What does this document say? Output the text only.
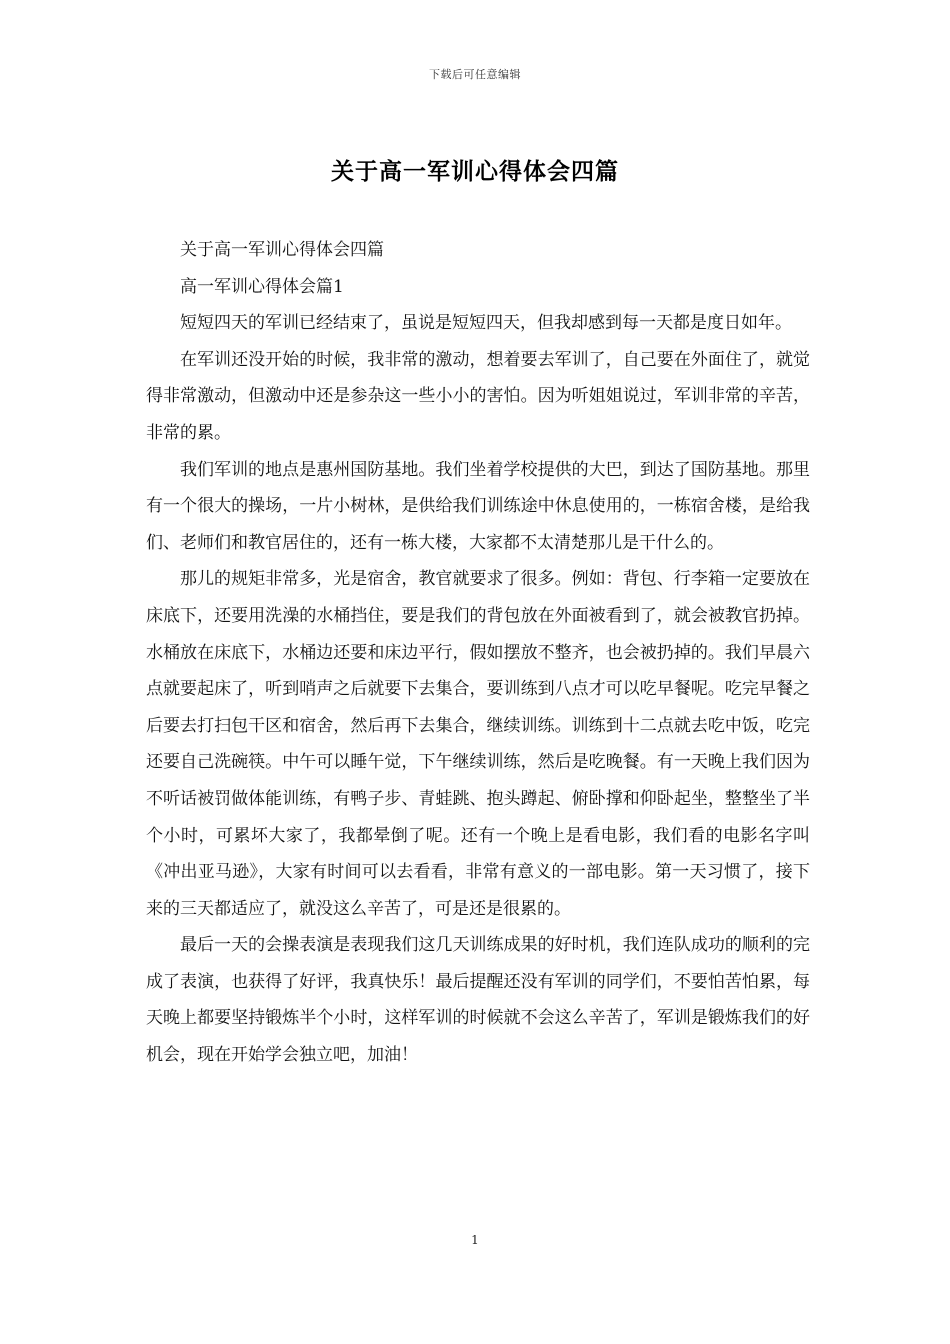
下载后可任意编辑
关于高一军训心得体会四篇

关于高一军训心得体会四篇

高一军训心得体会篇1

短短四天的军训已经结束了，虽说是短短四天，但我却感到每一天都是度日如年。

在军训还没开始的时候，我非常的激动，想着要去军训了，自己要在外面住了，就觉得非常激动，但激动中还是参杂这一些小小的害怕。因为听姐姐说过，军训非常的辛苦，非常的累。

我们军训的地点是惠州国防基地。我们坐着学校提供的大巴，到达了国防基地。那里有一个很大的操场，一片小树林，是供给我们训练途中休息使用的，一栋宿舍楼，是给我们、老师们和教官居住的，还有一栋大楼，大家都不太清楚那儿是干什么的。

那儿的规矩非常多，光是宿舍，教官就要求了很多。例如：背包、行李箱一定要放在床底下，还要用洗澡的水桶挡住，要是我们的背包放在外面被看到了，就会被教官扔掉。水桶放在床底下，水桶边还要和床边平行，假如摆放不整齐，也会被扔掉的。我们早晨六点就要起床了，听到哨声之后就要下去集合，要训练到八点才可以吃早餐呢。吃完早餐之后要去打扫包干区和宿舍，然后再下去集合，继续训练。训练到十二点就去吃中饭，吃完还要自己洗碗筷。中午可以睡午觉，下午继续训练，然后是吃晚餐。有一天晚上我们因为不听话被罚做体能训练，有鸭子步、青蛙跳、抱头蹲起、俯卧撑和仰卧起坐，整整坐了半个小时，可累坏大家了，我都晕倒了呢。还有一个晚上是看电影，我们看的电影名字叫《冲出亚马逊》，大家有时间可以去看看，非常有意义的一部电影。第一天习惯了，接下来的三天都适应了，就没这么辛苦了，可是还是很累的。

最后一天的会操表演是表现我们这几天训练成果的好时机，我们连队成功的顺利的完成了表演，也获得了好评，我真快乐！最后提醒还没有军训的同学们，不要怕苦怕累，每天晚上都要坚持锻炼半个小时，这样军训的时候就不会这么辛苦了，军训是锻炼我们的好机会，现在开始学会独立吧，加油！

1
